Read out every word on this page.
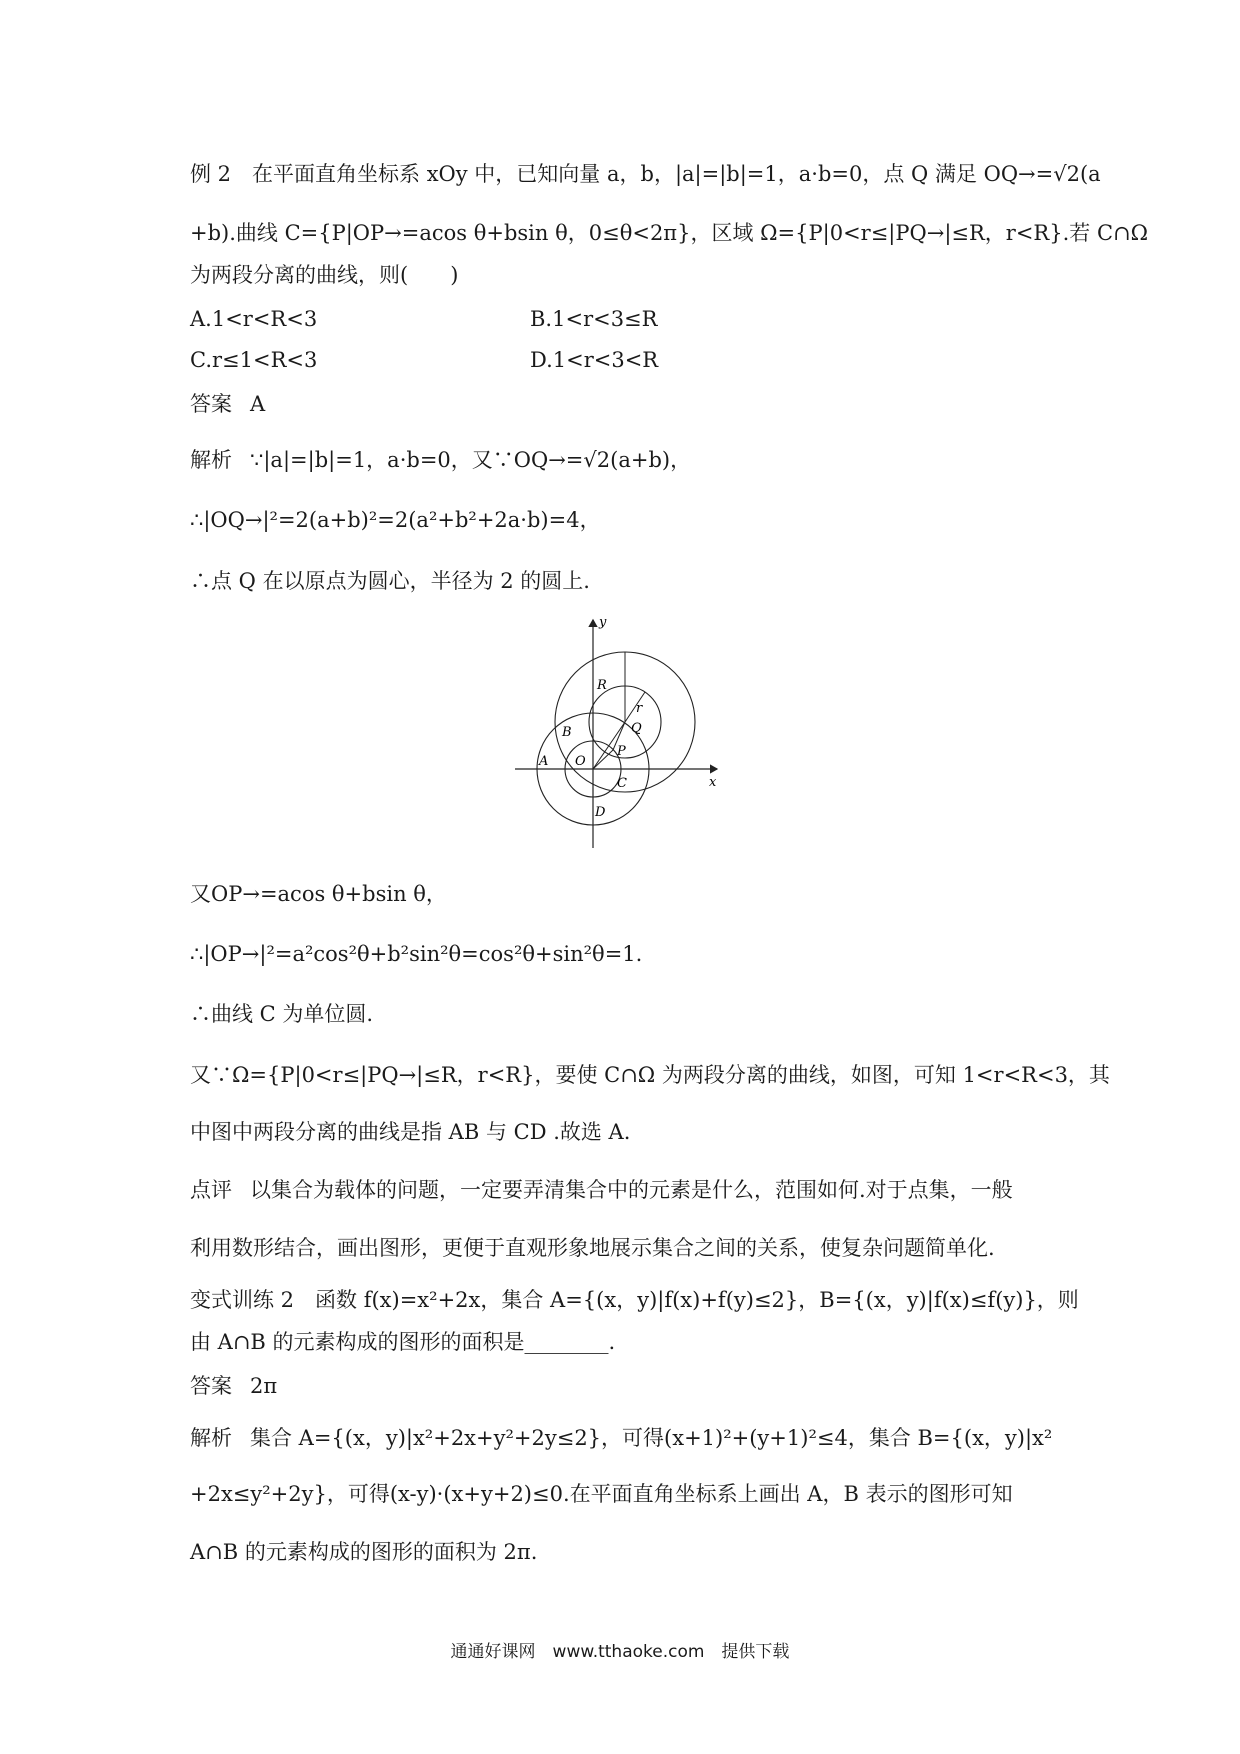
例 2　在平面直角坐标系 xOy 中，已知向量 a，b，|a|=|b|=1，a·b=0，点 Q 满足 OQ→=√2(a
+b).曲线 C={P|OP→=acos θ+bsin θ，0≤θ<2π}，区域 Ω={P|0<r≤|PQ→|≤R，r<R}.若 C∩Ω
为两段分离的曲线，则(　　)
A.1<r<R<3	B.1<r<3≤R
C.r≤1<R<3	D.1<r<3<R
答案 A
解析 ∵|a|=|b|=1，a·b=0，又∵OQ→=√2(a+b)，
∴|OQ→|²=2(a+b)²=2(a²+b²+2a·b)=4，
∴点 Q 在以原点为圆心，半径为 2 的圆上.
x
y
R
r
Q
B
P
A O
C
D
又OP→=acos θ+bsin θ，
∴|OP→|²=a²cos²θ+b²sin²θ=cos²θ+sin²θ=1.
∴曲线 C 为单位圆.
又∵Ω={P|0<r≤|PQ→|≤R，r<R}，要使 C∩Ω 为两段分离的曲线，如图，可知 1<r<R<3，其
中图中两段分离的曲线是指 AB 与 CD .故选 A.
点评 以集合为载体的问题，一定要弄清集合中的元素是什么，范围如何.对于点集，一般
利用数形结合，画出图形，更便于直观形象地展示集合之间的关系，使复杂问题简单化.
变式训练 2　函数 f(x)=x²+2x，集合 A={(x，y)|f(x)+f(y)≤2}，B={(x，y)|f(x)≤f(y)}，则
由 A∩B 的元素构成的图形的面积是________.
答案 2π
解析 集合 A={(x，y)|x²+2x+y²+2y≤2}，可得(x+1)²+(y+1)²≤4，集合 B={(x，y)|x²
+2x≤y²+2y}，可得(x-y)·(x+y+2)≤0.在平面直角坐标系上画出 A，B 表示的图形可知
A∩B 的元素构成的图形的面积为 2π.
通通好课网　www.tthaoke.com　提供下载
